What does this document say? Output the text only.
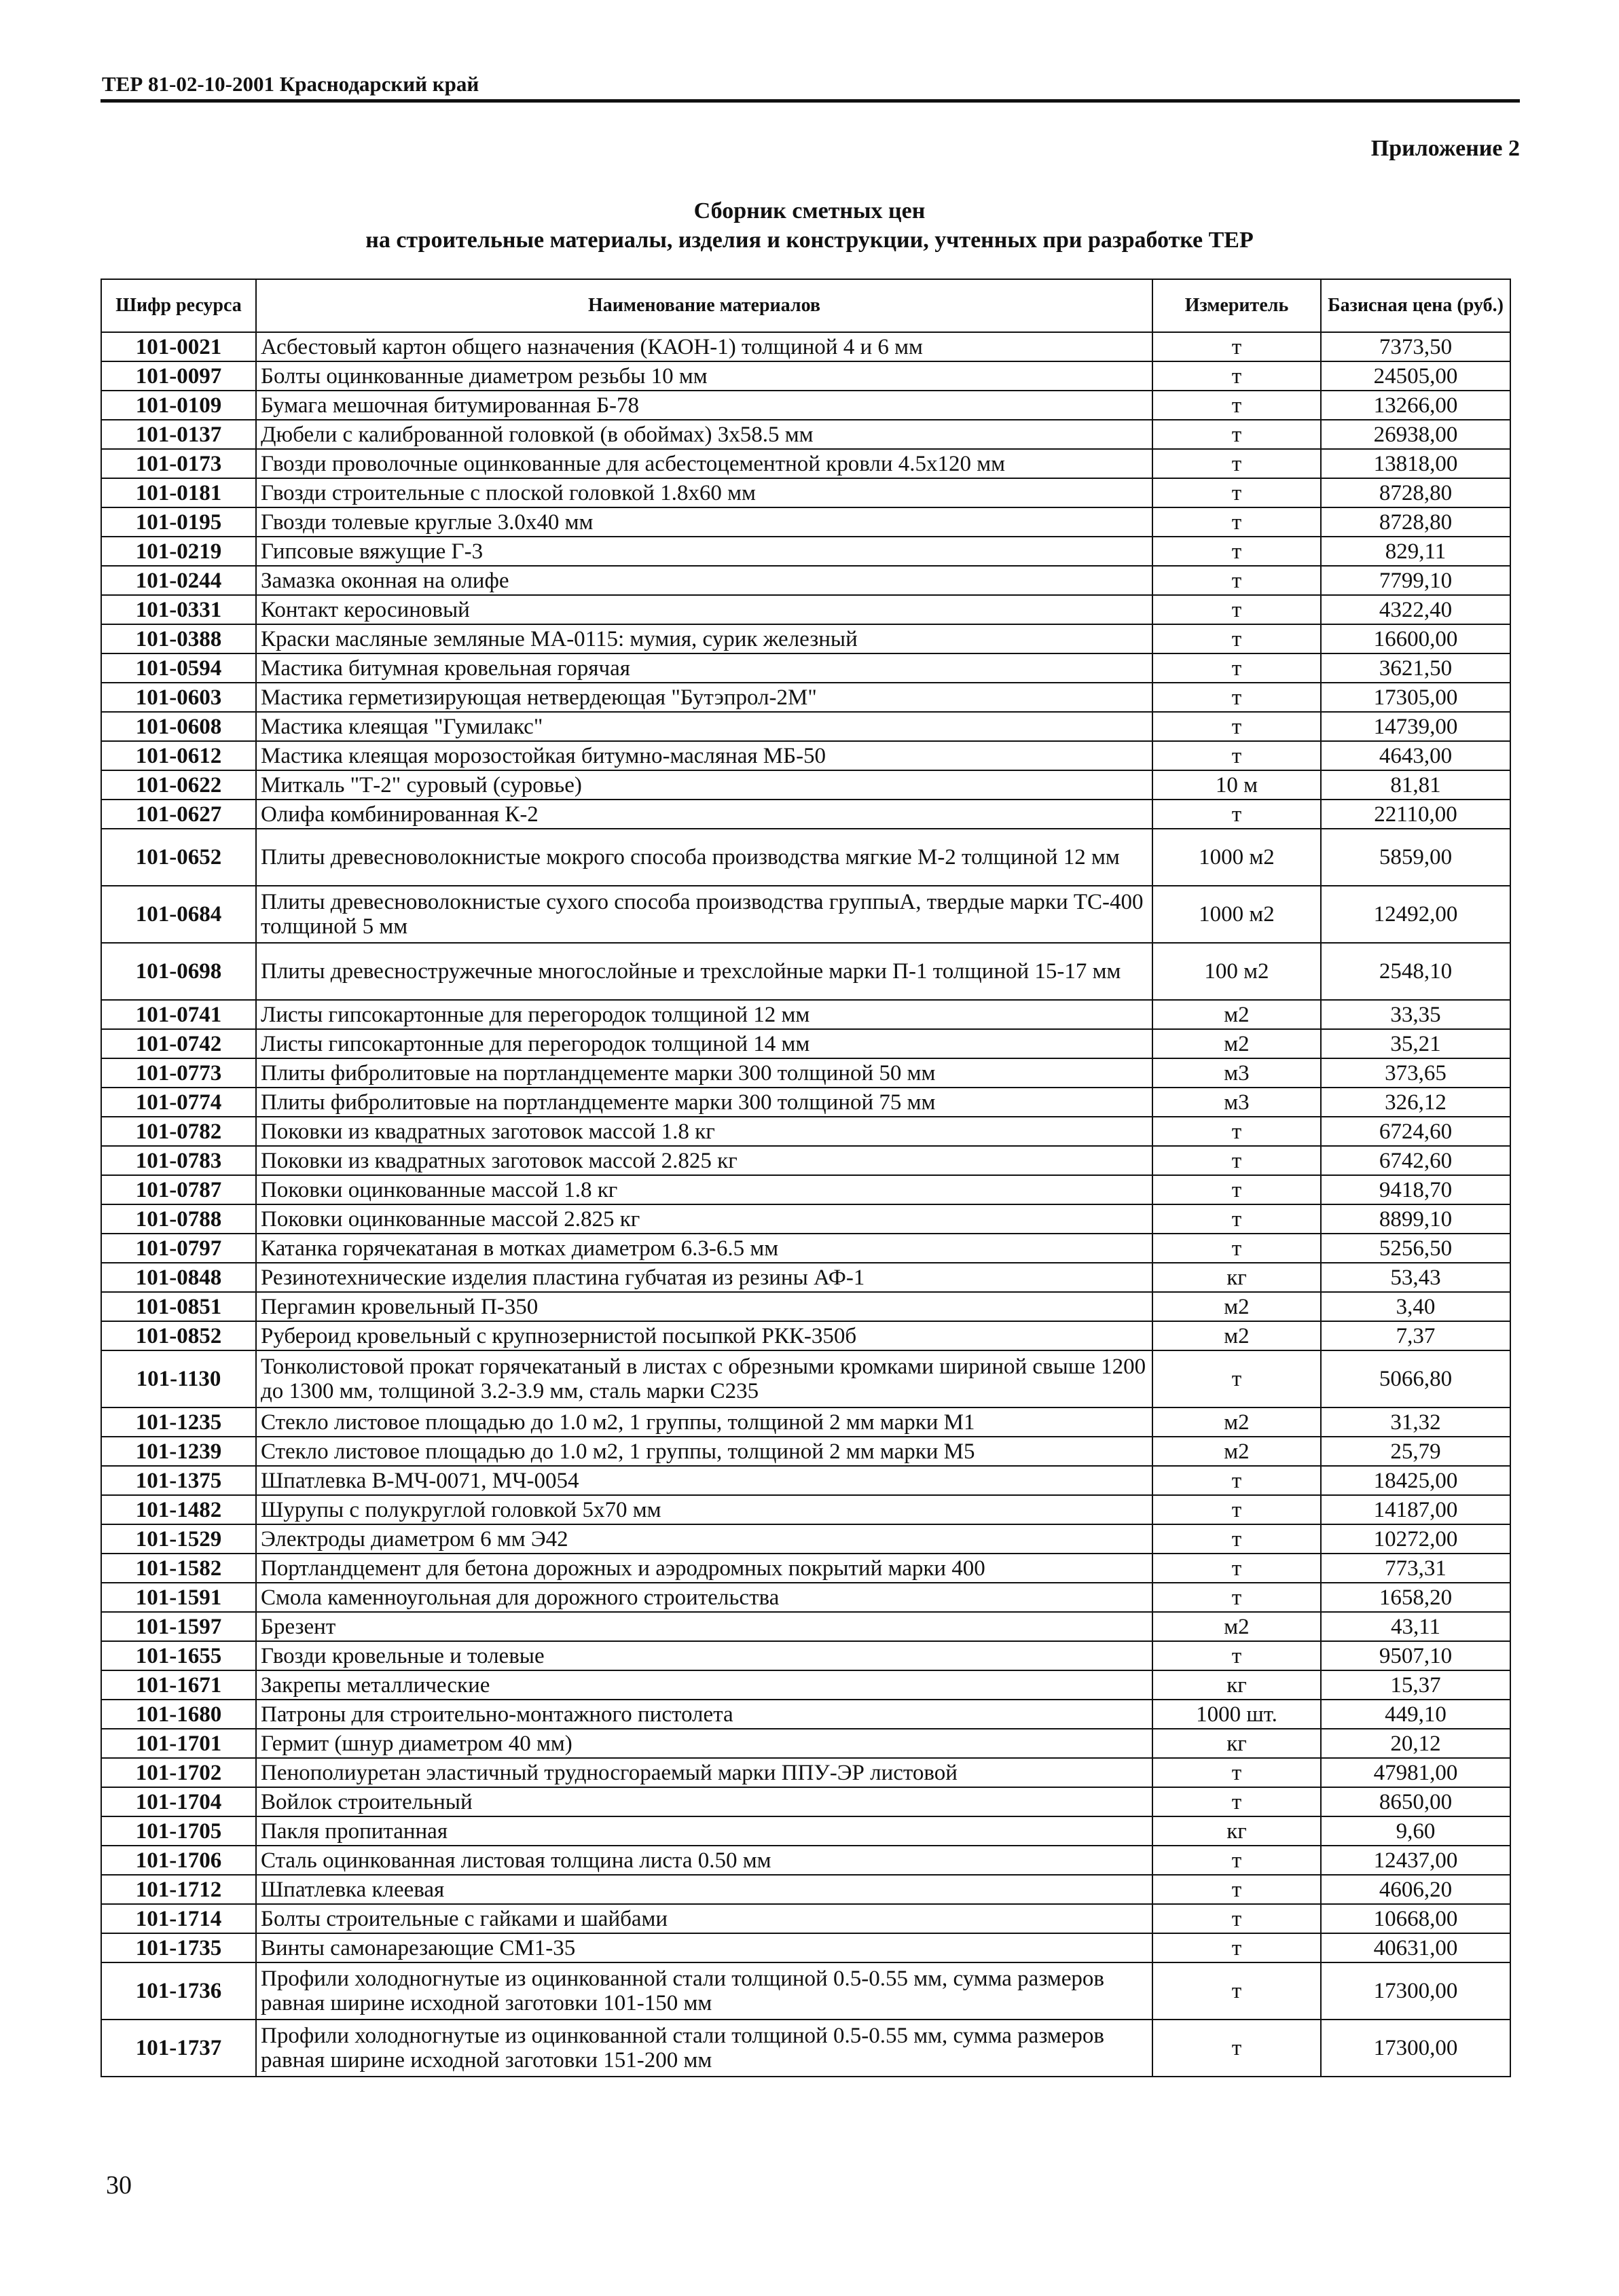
ТЕР 81-02-10-2001 Краснодарский край
Приложение 2
Сборник сметных цен
на строительные материалы, изделия и конструкции, учтенных при разработке ТЕР
Шифр ресурса	Наименование материалов	Измеритель	Базисная цена (руб.)
101-0021	Асбестовый картон общего назначения (КАОН-1) толщиной 4 и 6 мм	т	7373,50
101-0097	Болты оцинкованные диаметром резьбы 10 мм	т	24505,00
101-0109	Бумага мешочная битумированная Б-78	т	13266,00
101-0137	Дюбели с калиброванной головкой (в обоймах) 3х58.5 мм	т	26938,00
101-0173	Гвозди проволочные оцинкованные для асбестоцементной кровли 4.5х120 мм	т	13818,00
101-0181	Гвозди строительные с плоской головкой 1.8х60 мм	т	8728,80
101-0195	Гвозди толевые круглые 3.0х40 мм	т	8728,80
101-0219	Гипсовые вяжущие Г-3	т	829,11
101-0244	Замазка оконная на олифе	т	7799,10
101-0331	Контакт керосиновый	т	4322,40
101-0388	Краски масляные земляные МА-0115: мумия, сурик железный	т	16600,00
101-0594	Мастика битумная кровельная горячая	т	3621,50
101-0603	Мастика герметизирующая нетвердеющая "Бутэпрол-2М"	т	17305,00
101-0608	Мастика клеящая "Гумилакс"	т	14739,00
101-0612	Мастика клеящая морозостойкая битумно-масляная МБ-50	т	4643,00
101-0622	Миткаль "Т-2" суровый (суровье)	10 м	81,81
101-0627	Олифа комбинированная К-2	т	22110,00
101-0652	Плиты древесноволокнистые мокрого способа производства мягкие М-2 толщиной 12 мм	1000 м2	5859,00
101-0684	Плиты древесноволокнистые сухого способа производства группыА, твердые марки ТС-400 толщиной 5 мм	1000 м2	12492,00
101-0698	Плиты древесностружечные многослойные и трехслойные марки П-1 толщиной 15-17 мм	100 м2	2548,10
101-0741	Листы гипсокартонные для перегородок толщиной 12 мм	м2	33,35
101-0742	Листы гипсокартонные для перегородок толщиной 14 мм	м2	35,21
101-0773	Плиты фибролитовые на портландцементе марки 300 толщиной 50 мм	м3	373,65
101-0774	Плиты фибролитовые на портландцементе марки 300 толщиной 75 мм	м3	326,12
101-0782	Поковки из квадратных заготовок массой 1.8 кг	т	6724,60
101-0783	Поковки из квадратных заготовок массой 2.825 кг	т	6742,60
101-0787	Поковки оцинкованные массой 1.8 кг	т	9418,70
101-0788	Поковки оцинкованные массой 2.825 кг	т	8899,10
101-0797	Катанка горячекатаная в мотках диаметром 6.3-6.5 мм	т	5256,50
101-0848	Резинотехнические изделия пластина губчатая из резины АФ-1	кг	53,43
101-0851	Пергамин кровельный П-350	м2	3,40
101-0852	Рубероид кровельный с крупнозернистой посыпкой РКК-350б	м2	7,37
101-1130	Тонколистовой прокат горячекатаный в листах с обрезными кромками шириной свыше 1200 до 1300 мм, толщиной 3.2-3.9 мм, сталь марки С235	т	5066,80
101-1235	Стекло листовое площадью до 1.0 м2, 1 группы, толщиной 2 мм марки М1	м2	31,32
101-1239	Стекло листовое площадью до 1.0 м2, 1 группы, толщиной 2 мм марки М5	м2	25,79
101-1375	Шпатлевка В-МЧ-0071, МЧ-0054	т	18425,00
101-1482	Шурупы с полукруглой головкой 5х70 мм	т	14187,00
101-1529	Электроды диаметром 6 мм Э42	т	10272,00
101-1582	Портландцемент для бетона дорожных и аэродромных покрытий марки 400	т	773,31
101-1591	Смола каменноугольная для дорожного строительства	т	1658,20
101-1597	Брезент	м2	43,11
101-1655	Гвозди кровельные и толевые	т	9507,10
101-1671	Закрепы металлические	кг	15,37
101-1680	Патроны для строительно-монтажного пистолета	1000 шт.	449,10
101-1701	Гермит (шнур диаметром 40 мм)	кг	20,12
101-1702	Пенополиуретан эластичный трудносгораемый марки ППУ-ЭР листовой	т	47981,00
101-1704	Войлок строительный	т	8650,00
101-1705	Пакля пропитанная	кг	9,60
101-1706	Сталь оцинкованная листовая толщина листа 0.50 мм	т	12437,00
101-1712	Шпатлевка клеевая	т	4606,20
101-1714	Болты строительные с гайками и шайбами	т	10668,00
101-1735	Винты самонарезающие СМ1-35	т	40631,00
101-1736	Профили холодногнутые из оцинкованной стали толщиной 0.5-0.55 мм, сумма размеров равная ширине исходной заготовки 101-150 мм	т	17300,00
101-1737	Профили холодногнутые из оцинкованной стали толщиной 0.5-0.55 мм, сумма размеров равная ширине исходной заготовки 151-200 мм	т	17300,00
30
